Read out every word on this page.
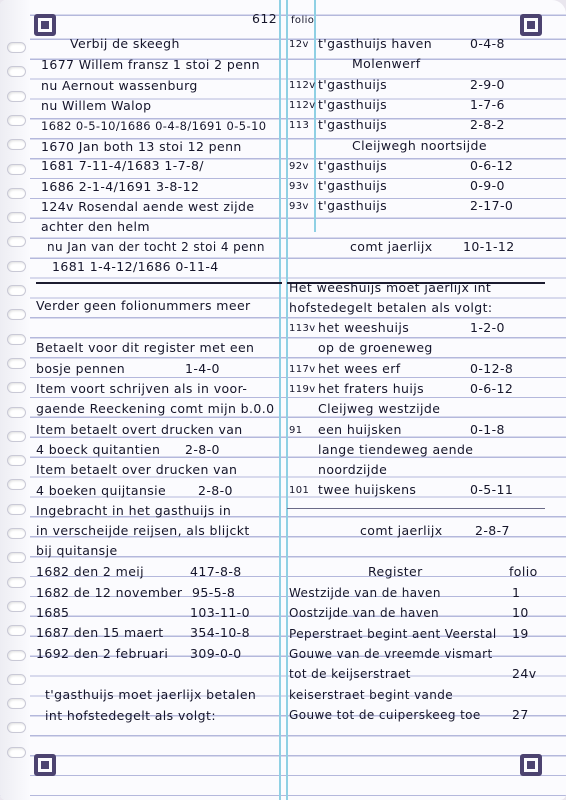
612 folio
Verbij de skeegh
1677 Willem fransz 1 stoi 2 penn
nu Aernout wassenburg
nu Willem Walop
1682 0-5-10/1686 0-4-8/1691 0-5-10
1670 Jan both 13 stoi 12 penn
1681 7-11-4/1683 1-7-8/
1686 2-1-4/1691 3-8-12
124v Rosendal aende west zijde
achter den helm
nu Jan van der tocht 2 stoi 4 penn
1681 1-4-12/1686 0-11-4
Verder geen folionummers meer
Betaelt voor dit register met een
bosje pennen	1-4-0
Item voort schrijven als in voor-
gaende Reeckening comt mijn b.0.0
Item betaelt overt drucken van
4 boeck quitantien 2-8-0
Item betaelt over drucken van
4 boeken quijtansie	2-8-0
Ingebracht in het gasthuijs in
in verscheijde reijsen, als blijckt
bij quitansje
1682 den 2 meij	417-8-8
1682 de 12 november 95-5-8
1685	103-11-0
1687 den 15 maert 354-10-8
1692 den 2 februari 309-0-0
t'gasthuijs moet jaerlijx betalen
int hofstedegelt als volgt:
12v t'gasthuijs haven	0-4-8
Molenwerf
112v t'gasthuijs	2-9-0
112v t'gasthuijs	1-7-6
113 t'gasthuijs	2-8-2
Cleijwegh noortsijde
92v t'gasthuijs	0-6-12
93v t'gasthuijs	0-9-0
93v t'gasthuijs	2-17-0
comt jaerlijx 10-1-12
Het weeshuijs moet jaerlijx int
hofstedegelt betalen als volgt:
113v het weeshuijs	1-2-0
op de groeneweg
117v het wees erf	0-12-8
119v het fraters huijs	0-6-12
Cleijweg westzijde
91 een huijsken	0-1-8
lange tiendeweg aende
noordzijde
101 twee huijskens	0-5-11
comt jaerlijx	2-8-7
Register	folio
Westzijde van de haven	1
Oostzijde van de haven	10
Peperstraet begint aent Veerstal 19
Gouwe van de vreemde vismart
tot de keijserstraet	24v
keiserstraet begint vande
Gouwe tot de cuiperskeeg toe	27
